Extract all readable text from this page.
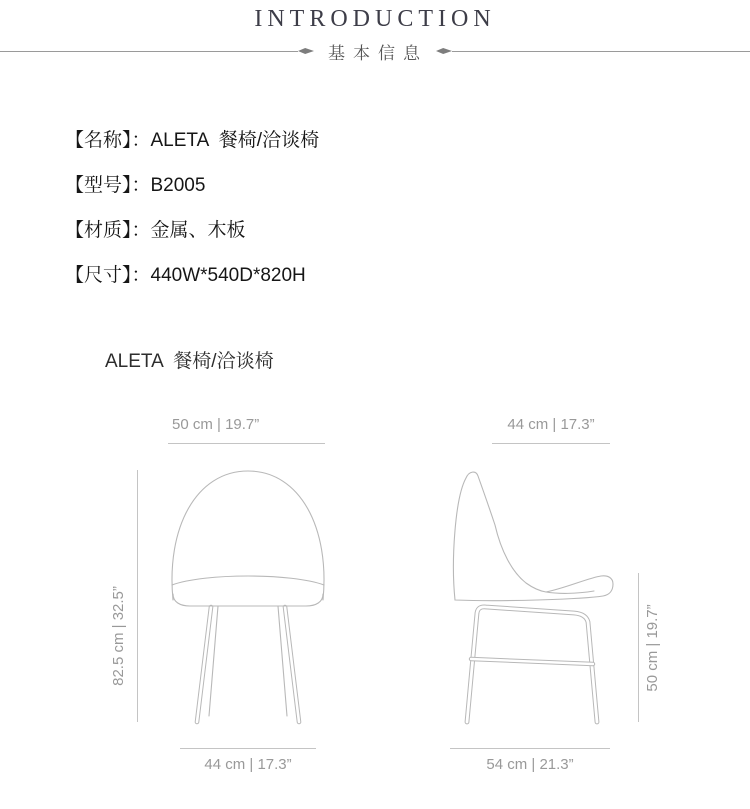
INTRODUCTION
基本信息
【名称】：ALETA  餐椅/洽谈椅
【型号】：B2005
【材质】：金属、木板
【尺寸】：440W*540D*820H
ALETA  餐椅/洽谈椅
50 cm | 19.7”
82.5 cm | 32.5”
44 cm | 17.3”
44 cm | 17.3”
50 cm | 19.7”
54 cm | 21.3”
